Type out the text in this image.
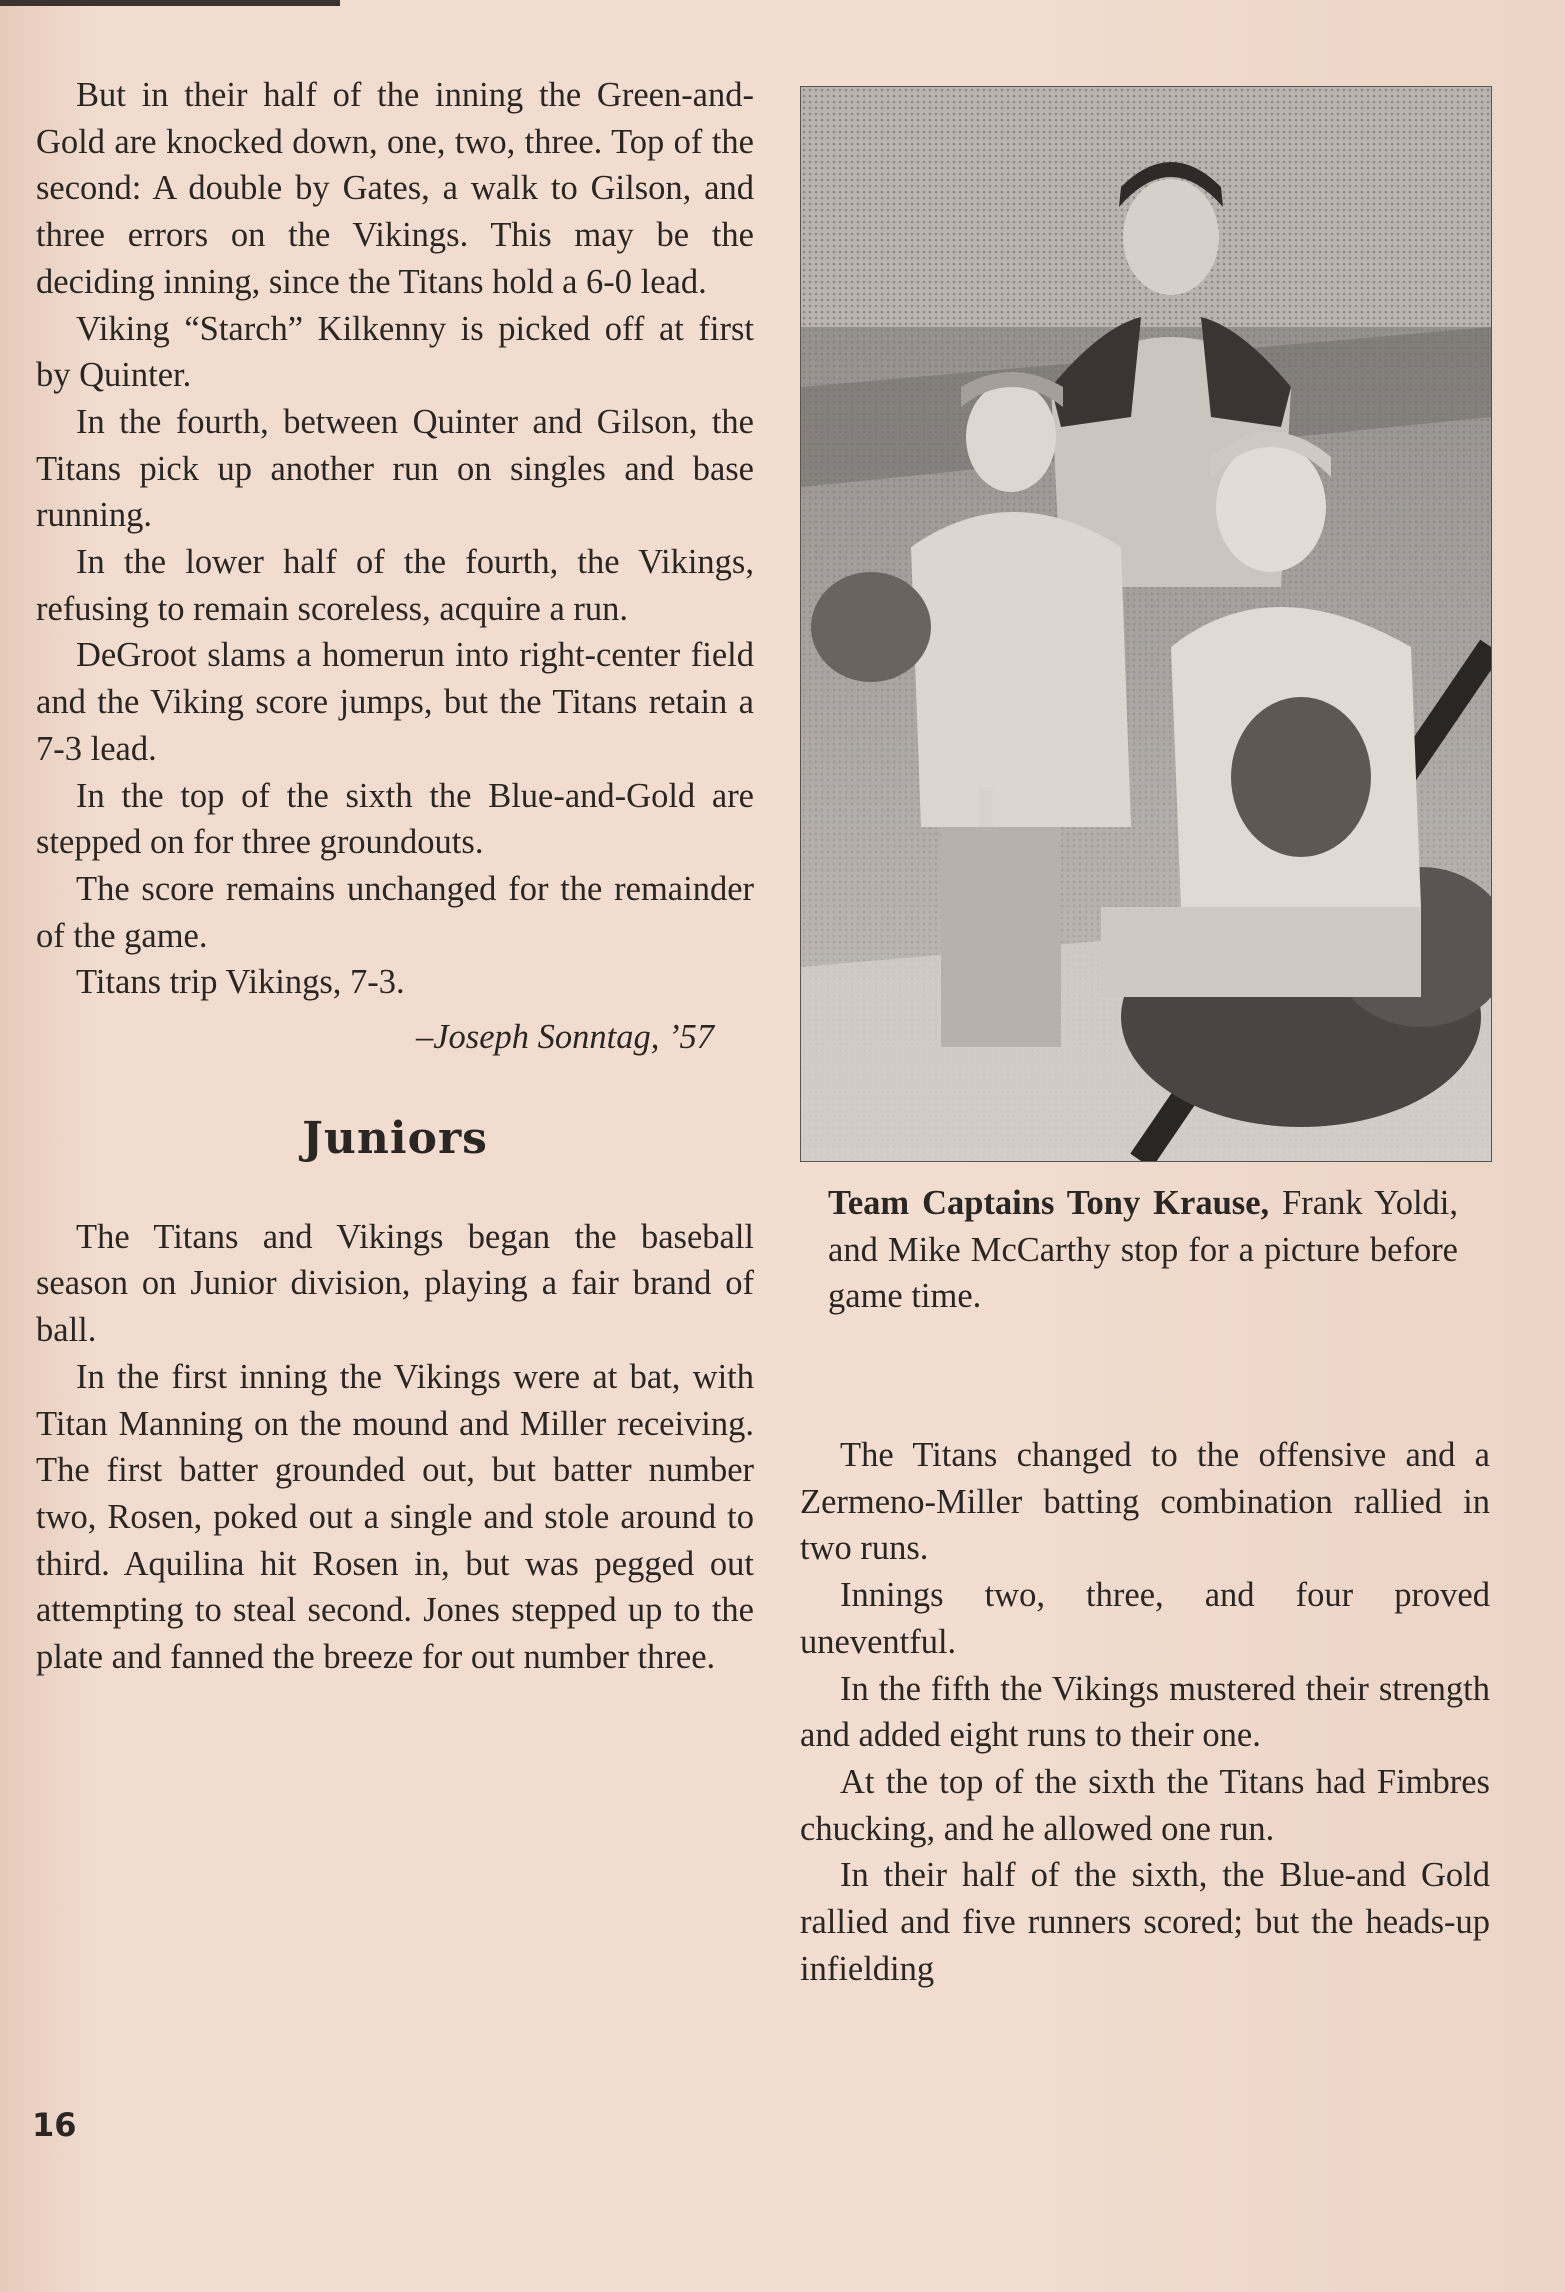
But in their half of the inning the Green-and-Gold are knocked down, one, two, three. Top of the second: A double by Gates, a walk to Gilson, and three errors on the Vikings. This may be the deciding inning, since the Titans hold a 6-0 lead.

Viking “Starch” Kilkenny is picked off at first by Quinter.

In the fourth, between Quinter and Gilson, the Titans pick up another run on singles and base running.

In the lower half of the fourth, the Vikings, refusing to remain scoreless, acquire a run.

DeGroot slams a homerun into right-center field and the Viking score jumps, but the Titans retain a 7-3 lead.

In the top of the sixth the Blue-and-Gold are stepped on for three groundouts.

The score remains unchanged for the remainder of the game.

Titans trip Vikings, 7-3.

–Joseph Sonntag, ’57
Juniors

The Titans and Vikings began the baseball season on Junior division, playing a fair brand of ball.

In the first inning the Vikings were at bat, with Titan Manning on the mound and Miller receiving. The first batter grounded out, but batter number two, Rosen, poked out a single and stole around to third. Aquilina hit Rosen in, but was pegged out attempting to steal second. Jones stepped up to the plate and fanned the breeze for out number three.

Team Captains Tony Krause, Frank Yoldi, and Mike McCarthy stop for a picture before game time.

The Titans changed to the offensive and a Zermeno-Miller batting combination rallied in two runs.

Innings two, three, and four proved uneventful.

In the fifth the Vikings mustered their strength and added eight runs to their one.

At the top of the sixth the Titans had Fimbres chucking, and he allowed one run.

In their half of the sixth, the Blue-and Gold rallied and five runners scored; but the heads-up infielding

16
